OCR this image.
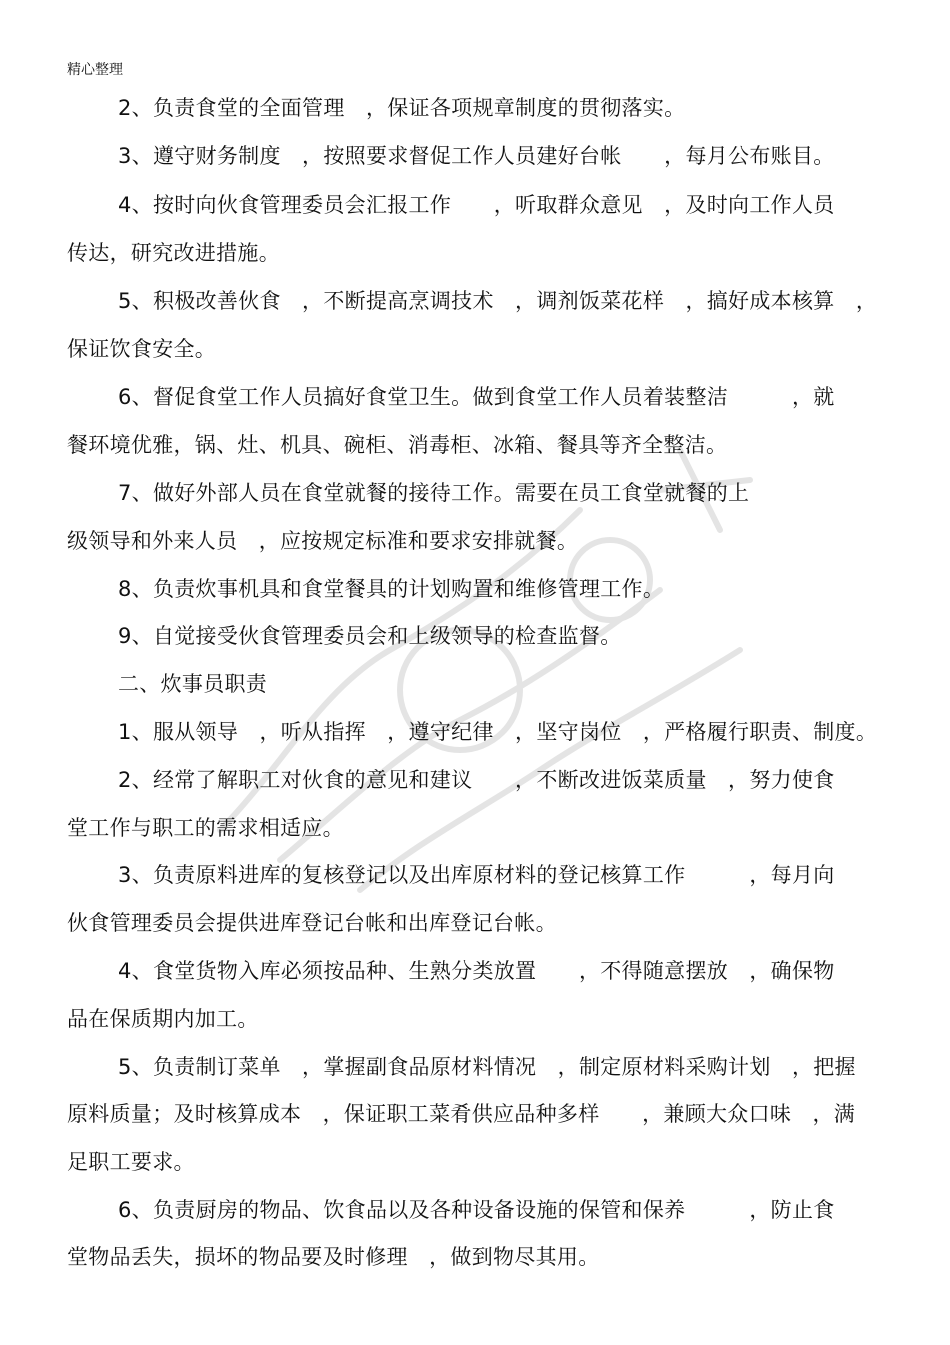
精心整理
2、负责食堂的全面管理　，保证各项规章制度的贯彻落实。
3、遵守财务制度　，按照要求督促工作人员建好台帐　　，每月公布账目。
4、按时向伙食管理委员会汇报工作　　，听取群众意见　，及时向工作人员
传达，研究改进措施。
5、积极改善伙食　，不断提高烹调技术　，调剂饭菜花样　，搞好成本核算　，
保证饮食安全。
6、督促食堂工作人员搞好食堂卫生。做到食堂工作人员着装整洁　　　，就
餐环境优雅，锅、灶、机具、碗柜、消毒柜、冰箱、餐具等齐全整洁。
7、做好外部人员在食堂就餐的接待工作。需要在员工食堂就餐的上
级领导和外来人员　，应按规定标准和要求安排就餐。
8、负责炊事机具和食堂餐具的计划购置和维修管理工作。
9、自觉接受伙食管理委员会和上级领导的检查监督。
二、炊事员职责
1、服从领导　，听从指挥　，遵守纪律　，坚守岗位　，严格履行职责、制度。
2、经常了解职工对伙食的意见和建议　　，不断改进饭菜质量　，努力使食
堂工作与职工的需求相适应。
3、负责原料进库的复核登记以及出库原材料的登记核算工作　　　，每月向
伙食管理委员会提供进库登记台帐和出库登记台帐。
4、食堂货物入库必须按品种、生熟分类放置　　，不得随意摆放　，确保物
品在保质期内加工。
5、负责制订菜单　，掌握副食品原材料情况　，制定原材料采购计划　，把握
原料质量；及时核算成本　，保证职工菜肴供应品种多样　　，兼顾大众口味　，满
足职工要求。
6、负责厨房的物品、饮食品以及各种设备设施的保管和保养　　　，防止食
堂物品丢失，损坏的物品要及时修理　，做到物尽其用。
